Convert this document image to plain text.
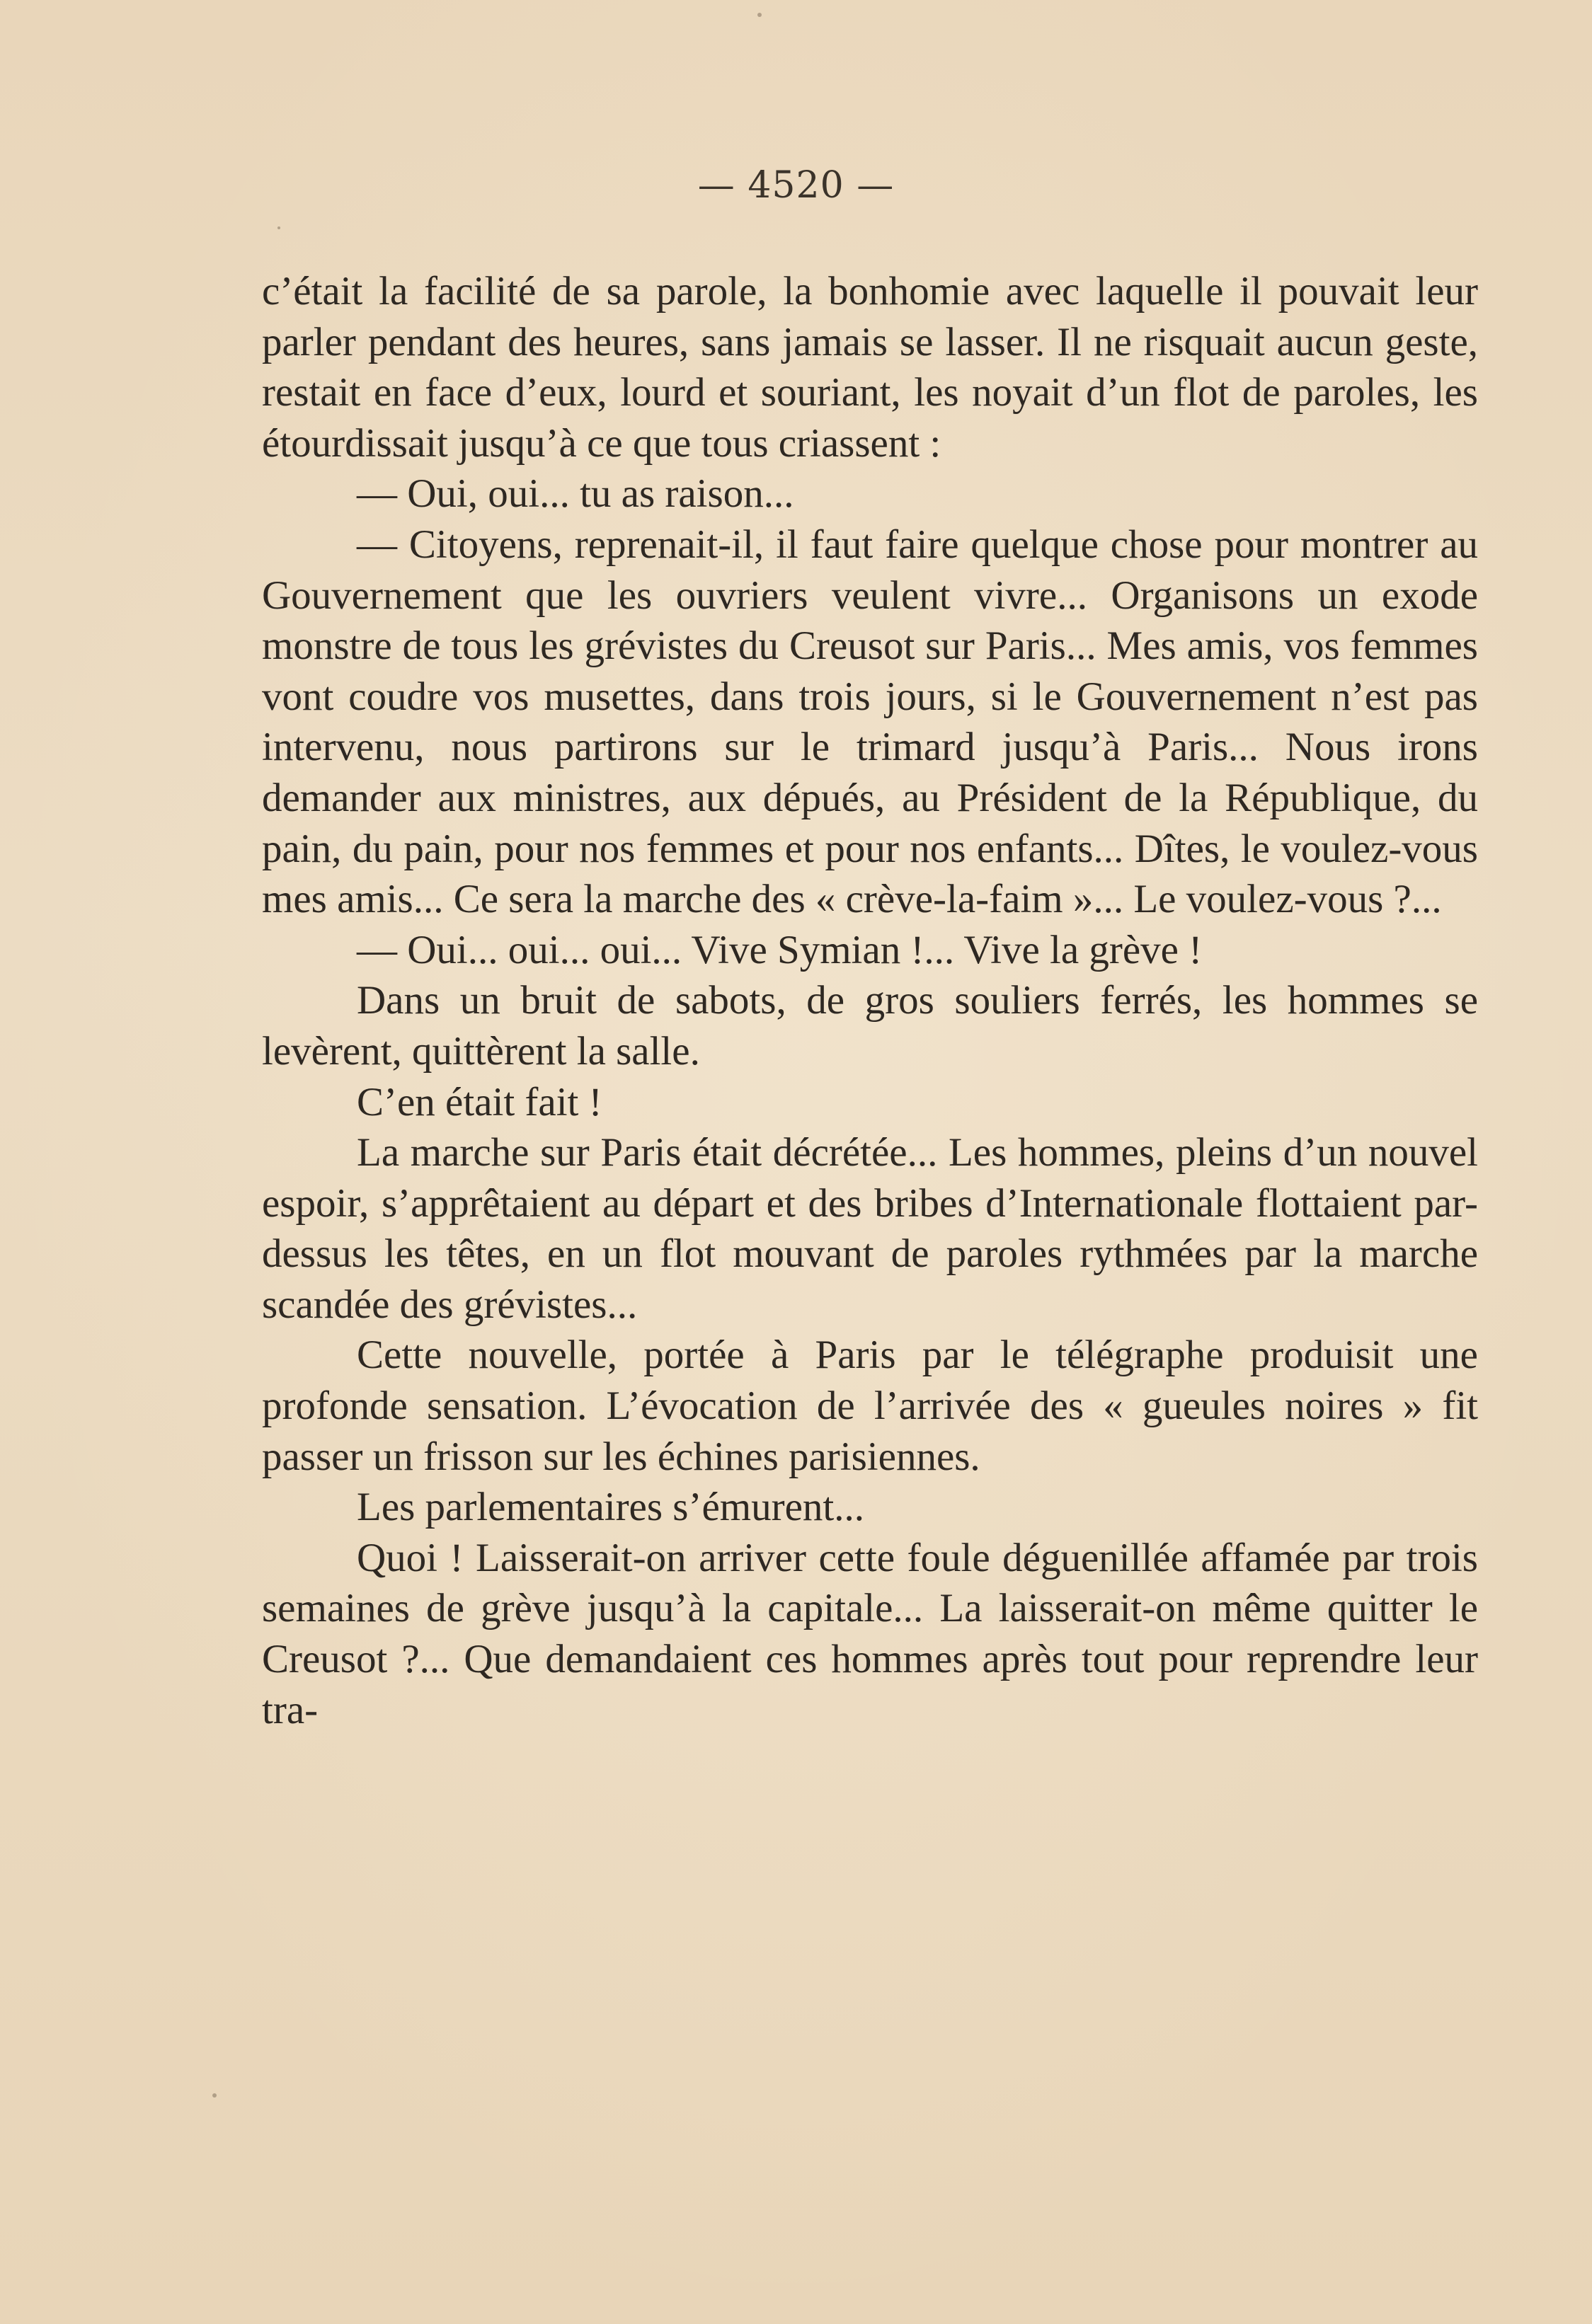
— 4520 —

c’était la facilité de sa parole, la bonhomie avec laquelle il pouvait leur parler pendant des heures, sans jamais se lasser. Il ne risquait aucun geste, restait en face d’eux, lourd et souriant, les noyait d’un flot de paroles, les étourdissait jusqu’à ce que tous criassent :

— Oui, oui... tu as raison...

— Citoyens, reprenait-il, il faut faire quelque chose pour montrer au Gouvernement que les ouvriers veulent vivre... Organisons un exode monstre de tous les grévistes du Creusot sur Paris... Mes amis, vos femmes vont coudre vos musettes, dans trois jours, si le Gouvernement n’est pas intervenu, nous partirons sur le trimard jusqu’à Paris... Nous irons demander aux ministres, aux dépués, au Président de la République, du pain, du pain, pour nos femmes et pour nos enfants... Dîtes, le voulez-vous mes amis... Ce sera la marche des « crève-la-faim »... Le voulez-vous ?...

— Oui... oui... oui... Vive Symian !... Vive la grève !

Dans un bruit de sabots, de gros souliers ferrés, les hommes se levèrent, quittèrent la salle.

C’en était fait !

La marche sur Paris était décrétée... Les hommes, pleins d’un nouvel espoir, s’apprêtaient au départ et des bribes d’Internationale flottaient par-dessus les têtes, en un flot mouvant de paroles rythmées par la marche scandée des grévistes...

Cette nouvelle, portée à Paris par le télégraphe produisit une profonde sensation. L’évocation de l’arrivée des « gueules noires » fit passer un frisson sur les échines parisiennes.

Les parlementaires s’émurent...

Quoi ! Laisserait-on arriver cette foule déguenillée affamée par trois semaines de grève jusqu’à la capitale... La laisserait-on même quitter le Creusot ?... Que demandaient ces hommes après tout pour reprendre leur tra-
